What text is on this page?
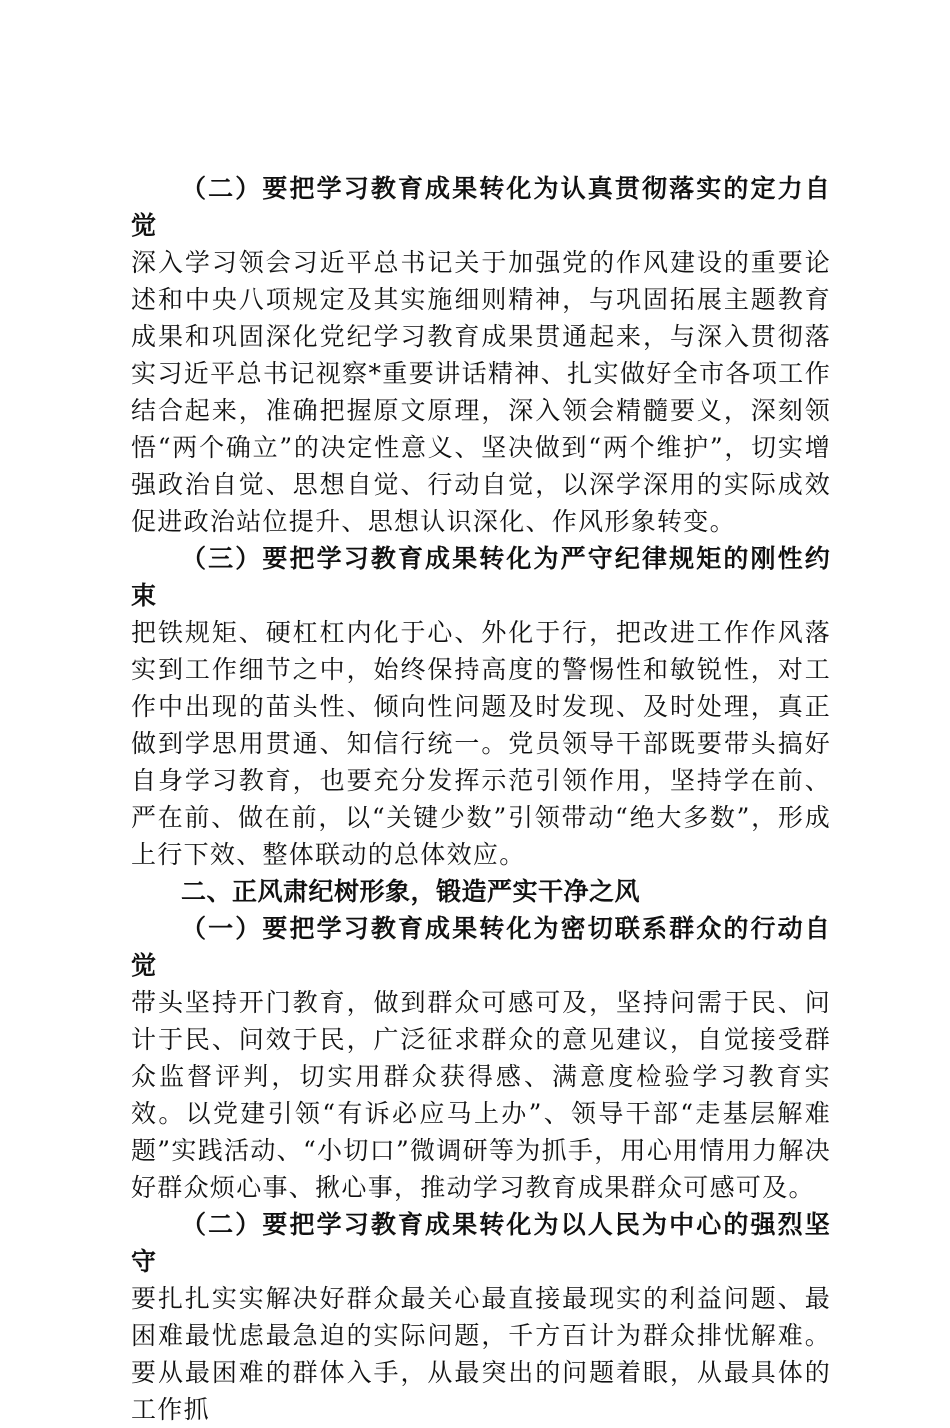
（二）要把学习教育成果转化为认真贯彻落实的定力自觉

深入学习领会习近平总书记关于加强党的作风建设的重要论述和中央八项规定及其实施细则精神，与巩固拓展主题教育成果和巩固深化党纪学习教育成果贯通起来，与深入贯彻落实习近平总书记视察*重要讲话精神、扎实做好全市各项工作结合起来，准确把握原文原理，深入领会精髓要义，深刻领悟“两个确立”的决定性意义、坚决做到“两个维护”，切实增强政治自觉、思想自觉、行动自觉，以深学深用的实际成效促进政治站位提升、思想认识深化、作风形象转变。

（三）要把学习教育成果转化为严守纪律规矩的刚性约束

把铁规矩、硬杠杠内化于心、外化于行，把改进工作作风落实到工作细节之中，始终保持高度的警惕性和敏锐性，对工作中出现的苗头性、倾向性问题及时发现、及时处理，真正做到学思用贯通、知信行统一。党员领导干部既要带头搞好自身学习教育，也要充分发挥示范引领作用，坚持学在前、严在前、做在前，以“关键少数”引领带动“绝大多数”，形成上行下效、整体联动的总体效应。

二、正风肃纪树形象，锻造严实干净之风

（一）要把学习教育成果转化为密切联系群众的行动自觉

带头坚持开门教育，做到群众可感可及，坚持问需于民、问计于民、问效于民，广泛征求群众的意见建议，自觉接受群众监督评判，切实用群众获得感、满意度检验学习教育实效。以党建引领“有诉必应马上办”、领导干部“走基层解难题”实践活动、“小切口”微调研等为抓手，用心用情用力解决好群众烦心事、揪心事，推动学习教育成果群众可感可及。

（二）要把学习教育成果转化为以人民为中心的强烈坚守

要扎扎实实解决好群众最关心最直接最现实的利益问题、最困难最忧虑最急迫的实际问题，千方百计为群众排忧解难。要从最困难的群体入手，从最突出的问题着眼，从最具体的工作抓
